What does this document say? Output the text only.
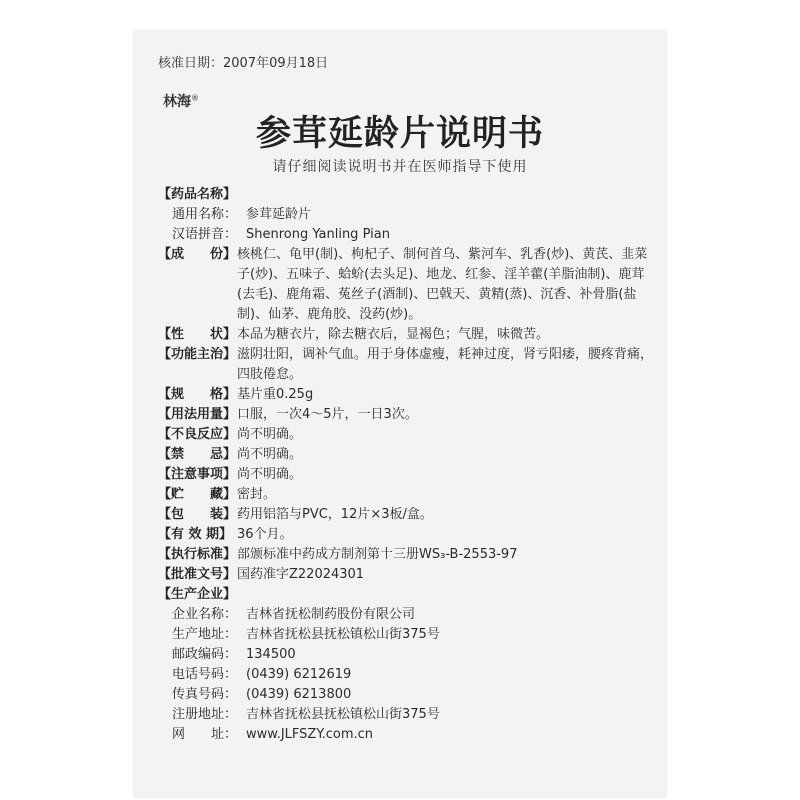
核准日期：2007年09月18日
林海®
参茸延龄片说明书
请仔细阅读说明书并在医师指导下使用
【药品名称】
通用名称： 参茸延龄片
汉语拼音： Shenrong Yanling Pian
【成　　份】 核桃仁、龟甲(制)、枸杞子、制何首乌、紫河车、乳香(炒)、黄芪、韭菜子(炒)、五味子、蛤蚧(去头足)、地龙、红参、淫羊藿(羊脂油制)、鹿茸(去毛)、鹿角霜、菟丝子(酒制)、巴戟天、黄精(蒸)、沉香、补骨脂(盐制)、仙茅、鹿角胶、没药(炒)。
【性　　状】 本品为糖衣片，除去糖衣后，显褐色；气腥，味微苦。
【功能主治】 滋阴壮阳，调补气血。用于身体虚瘦，耗神过度，肾亏阳痿，腰疼背痛，四肢倦怠。
【规　　格】 基片重0.25g
【用法用量】 口服，一次4～5片，一日3次。
【不良反应】 尚不明确。
【禁　　忌】 尚不明确。
【注意事项】 尚不明确。
【贮　　藏】 密封。
【包　　装】 药用铝箔与PVC，12片×3板/盒。
【有 效 期】 36个月。
【执行标准】 部颁标准中药成方制剂第十三册WS₃-B-2553-97
【批准文号】 国药准字Z22024301
【生产企业】
企业名称： 吉林省抚松制药股份有限公司
生产地址： 吉林省抚松县抚松镇松山街375号
邮政编码： 134500
电话号码： (0439) 6212619
传真号码： (0439) 6213800
注册地址： 吉林省抚松县抚松镇松山街375号
网　　址： www.JLFSZY.com.cn
